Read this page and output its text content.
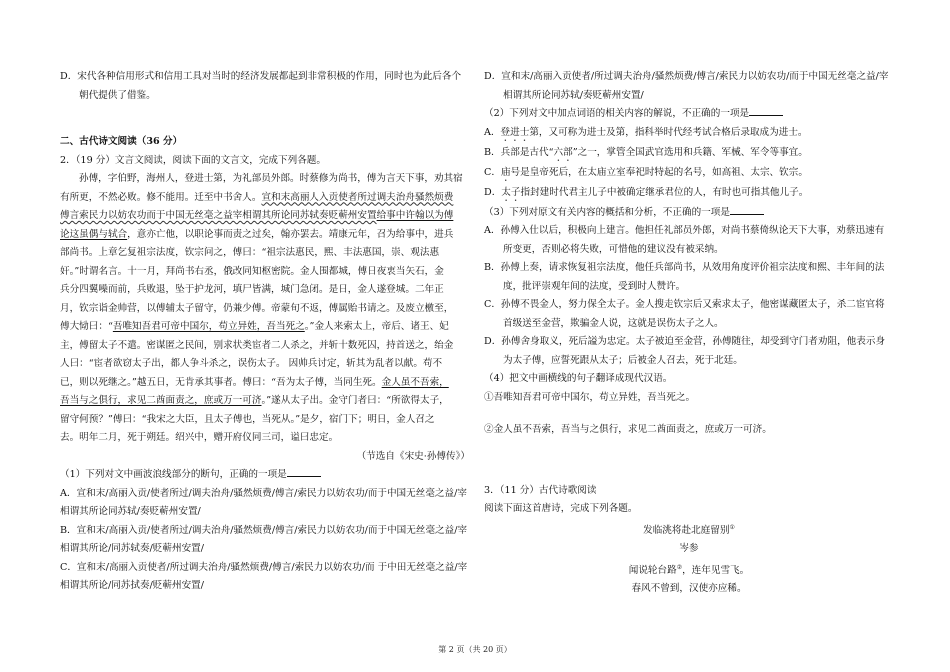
D．宋代各种信用形式和信用工具对当时的经济发展都起到非常积极的作用，同时也为此后各个

朝代提供了借鉴。

二、古代诗文阅读（36 分）

2．（19 分）文言文阅读，阅读下面的文言文，完成下列各题。

孙傅，字伯野，海州人，登进士第，为礼部员外郎。时蔡修为尚书，傅为言天下事，劝其宿

有所更，不然必败。修不能用。迁至中书舍人。宣和末高丽人入贡使者所过调夫治舟骚然烦费

傅言索民力以妨农功而于中国无丝毫之益宰相谓其所论同苏轼奏贬蕲州安置给事中许翰以为傅

论这虽偶与轼合，意亦亡他，以职论事而责之过矣，翰亦罢去。靖康元年，召为给事中，进兵

部尚书。上章乞复祖宗法度，钦宗问之，傅曰：“祖宗法惠民，熙、丰法惠国，崇、观法惠

奸。”时谓名言。十一月，拜尚书右丞，俄改同知枢密院。金人围都城，傅日夜衷当矢石，金

兵分四翼噪而前，兵败退，坠于护龙河，填尸皆满，城门急闭。是日，金人遂登城。二年正

月，钦宗诣金帅营，以傅辅太子留守，仍兼少傅。帝蒙旬不返，傅属贻书请之。及废立檄至，

傅大恸曰：“吾唯知吾君可帝中国尔，苟立异姓，吾当死之。”金人来索太上，帝后、诸王、妃

主，傅留太子不遣。密谋匿之民间，别求状类宦者二人杀之，并斩十数死囚，持首送之，绐金

人曰：“宦者欲窃太子出，都人争斗杀之，误伤太子。 因帅兵讨定，斩其为乱者以献。苟不

已，则以死继之。”越五日，无肯承其事者。傅曰：“吾为太子傅，当同生死。金人虽不吾索，

吾当与之俱行，求见二酋面责之，庶或万一可济。”遂从太子出。金守门者曰：“所欲得太子，

留守何预？”傅曰：“我宋之大臣，且太子傅也，当死从。”是夕，宿门下；明日，金人召之

去。明年二月，死于朔廷。绍兴中，赠开府仪同三司，谥曰忠定。

（节选自《宋史·孙傅传》）

（1）下列对文中画波浪线部分的断句，正确的一项是

A．宣和末/高丽入贡/使者所过/调夫治舟/骚然烦费/傅言/索民力以妨农功/而于中国无丝毫之益/宰

相谓其所论同苏轼/奏贬蕲州安置/

B．宣和末/高丽入贡/使者所过/调夫治舟/骚然烦费/傅言/索民力以妨农功/而于中国无丝毫之益/宰

相谓其所论/同苏轼奏/贬蕲州安置/

C．宣和末/高丽入贡使者/所过调夫治舟/骚然烦费/傅言/索民力以妨农功/而 于中田无丝毫之益/宰

相谓其所论/同苏拭奏/贬蕲州安置/

D．宣和末/高丽入贡使者/所过调夫治舟/骚然烦费/傅言/索民力以妨农功/而于中国无丝毫之益/宰

相谓其所论同苏轼/奏贬蕲州安置/

（2）下列对文中加点词语的相关内容的解说，不正确的一项是

A．登进士第，又可称为进士及第，指科举时代经考试合格后录取成为进士。

B．兵部是古代“六部”之一，掌管全国武官选用和兵籍、军械、军令等事宜。

C．庙号是皇帝死后，在太庙立室奉祀时特起的名号，如高祖、太宗、钦宗。

D．太子指封建时代君主儿子中被确定继承君位的人，有时也可指其他儿子。

（3）下列对原文有关内容的概括和分析，不正确的一项是

A．孙傅入仕以后，积极向上建言。他担任礼部员外郎，对尚书蔡倚纵论天下大事，劝蔡迅速有

所变更，否则必将失败，可惜他的建议没有被采纳。

B．孙傅上奏，请求恢复祖宗法度，他任兵部尚书，从效用角度评价祖宗法度和熙、丰年间的法

度，批评崇观年间的法度，受到时人赞许。

C．孙傅不畏金人，努力保全太子。金人搜走钦宗后又索求太子，他密谋藏匿太子，杀二宦官将

首级送至金营，欺骗金人说，这就是误伤太子之人。

D．孙傅舍身取义，死后謚为忠定。太子被迫至金营，孙傅随往，却受到守门者劝阻，他表示身

为太子傅，应誓死跟从太子；后被金人召去，死于北廷。

（4）把文中画横线的句子翻译成现代汉语。

①吾唯知吾君可帝中国尔，苟立异姓，吾当死之。

②金人虽不吾索，吾当与之俱行，求见二酋面责之，庶或万一可济。

3．（11 分）古代诗歌阅读

阅读下面这首唐诗，完成下列各题。

发临洮将赴北庭留别①

岑参

闻说轮台路②，连年见雪飞。

春风不曾到，汉使亦应稀。

第 2 页（共 20 页）
